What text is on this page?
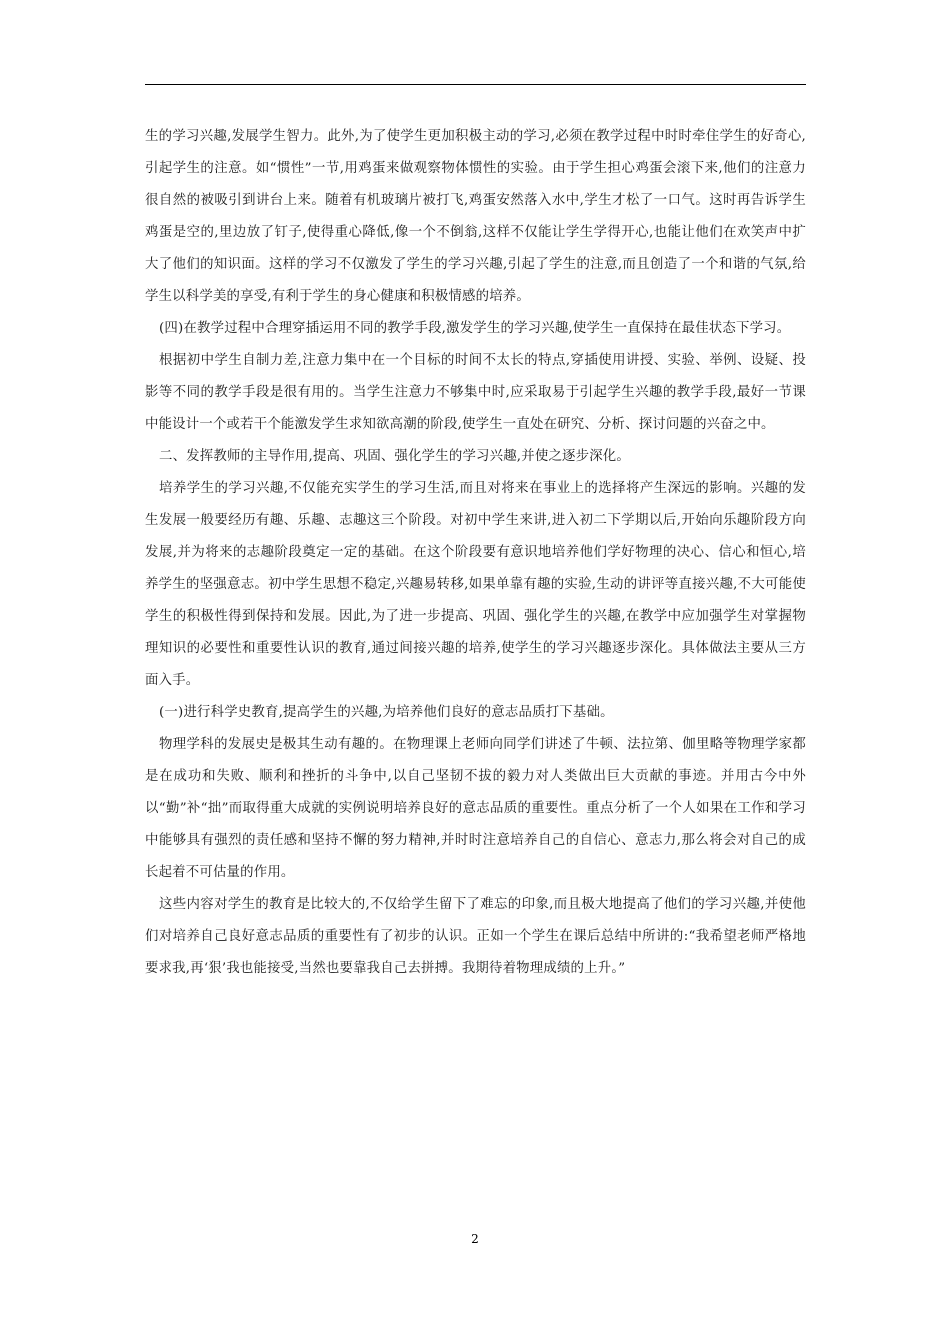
生的学习兴趣,发展学生智力。此外,为了使学生更加积极主动的学习,必须在教学过程中时时牵住学生的好奇心,引起学生的注意。如“惯性”一节,用鸡蛋来做观察物体惯性的实验。由于学生担心鸡蛋会滚下来,他们的注意力很自然的被吸引到讲台上来。随着有机玻璃片被打飞,鸡蛋安然落入水中,学生才松了一口气。这时再告诉学生鸡蛋是空的,里边放了钉子,使得重心降低,像一个不倒翁,这样不仅能让学生学得开心,也能让他们在欢笑声中扩大了他们的知识面。这样的学习不仅激发了学生的学习兴趣,引起了学生的注意,而且创造了一个和谐的气氛,给学生以科学美的享受,有利于学生的身心健康和积极情感的培养。

(四)在教学过程中合理穿插运用不同的教学手段,激发学生的学习兴趣,使学生一直保持在最佳状态下学习。

根据初中学生自制力差,注意力集中在一个目标的时间不太长的特点,穿插使用讲授、实验、举例、设疑、投影等不同的教学手段是很有用的。当学生注意力不够集中时,应采取易于引起学生兴趣的教学手段,最好一节课中能设计一个或若干个能激发学生求知欲高潮的阶段,使学生一直处在研究、分析、探讨问题的兴奋之中。

二、发挥教师的主导作用,提高、巩固、强化学生的学习兴趣,并使之逐步深化。

培养学生的学习兴趣,不仅能充实学生的学习生活,而且对将来在事业上的选择将产生深远的影响。兴趣的发生发展一般要经历有趣、乐趣、志趣这三个阶段。对初中学生来讲,进入初二下学期以后,开始向乐趣阶段方向发展,并为将来的志趣阶段奠定一定的基础。在这个阶段要有意识地培养他们学好物理的决心、信心和恒心,培养学生的坚强意志。初中学生思想不稳定,兴趣易转移,如果单靠有趣的实验,生动的讲评等直接兴趣,不大可能使学生的积极性得到保持和发展。因此,为了进一步提高、巩固、强化学生的兴趣,在教学中应加强学生对掌握物理知识的必要性和重要性认识的教育,通过间接兴趣的培养,使学生的学习兴趣逐步深化。具体做法主要从三方面入手。

(一)进行科学史教育,提高学生的兴趣,为培养他们良好的意志品质打下基础。

物理学科的发展史是极其生动有趣的。在物理课上老师向同学们讲述了牛顿、法拉第、伽里略等物理学家都是在成功和失败、顺利和挫折的斗争中,以自己坚韧不拔的毅力对人类做出巨大贡献的事迹。并用古今中外以“勤”补“拙”而取得重大成就的实例说明培养良好的意志品质的重要性。重点分析了一个人如果在工作和学习中能够具有强烈的责任感和坚持不懈的努力精神,并时时注意培养自己的自信心、意志力,那么将会对自己的成长起着不可估量的作用。

这些内容对学生的教育是比较大的,不仅给学生留下了难忘的印象,而且极大地提高了他们的学习兴趣,并使他们对培养自己良好意志品质的重要性有了初步的认识。正如一个学生在课后总结中所讲的:“我希望老师严格地要求我,再‘狠’我也能接受,当然也要靠我自己去拼搏。我期待着物理成绩的上升。”

2
